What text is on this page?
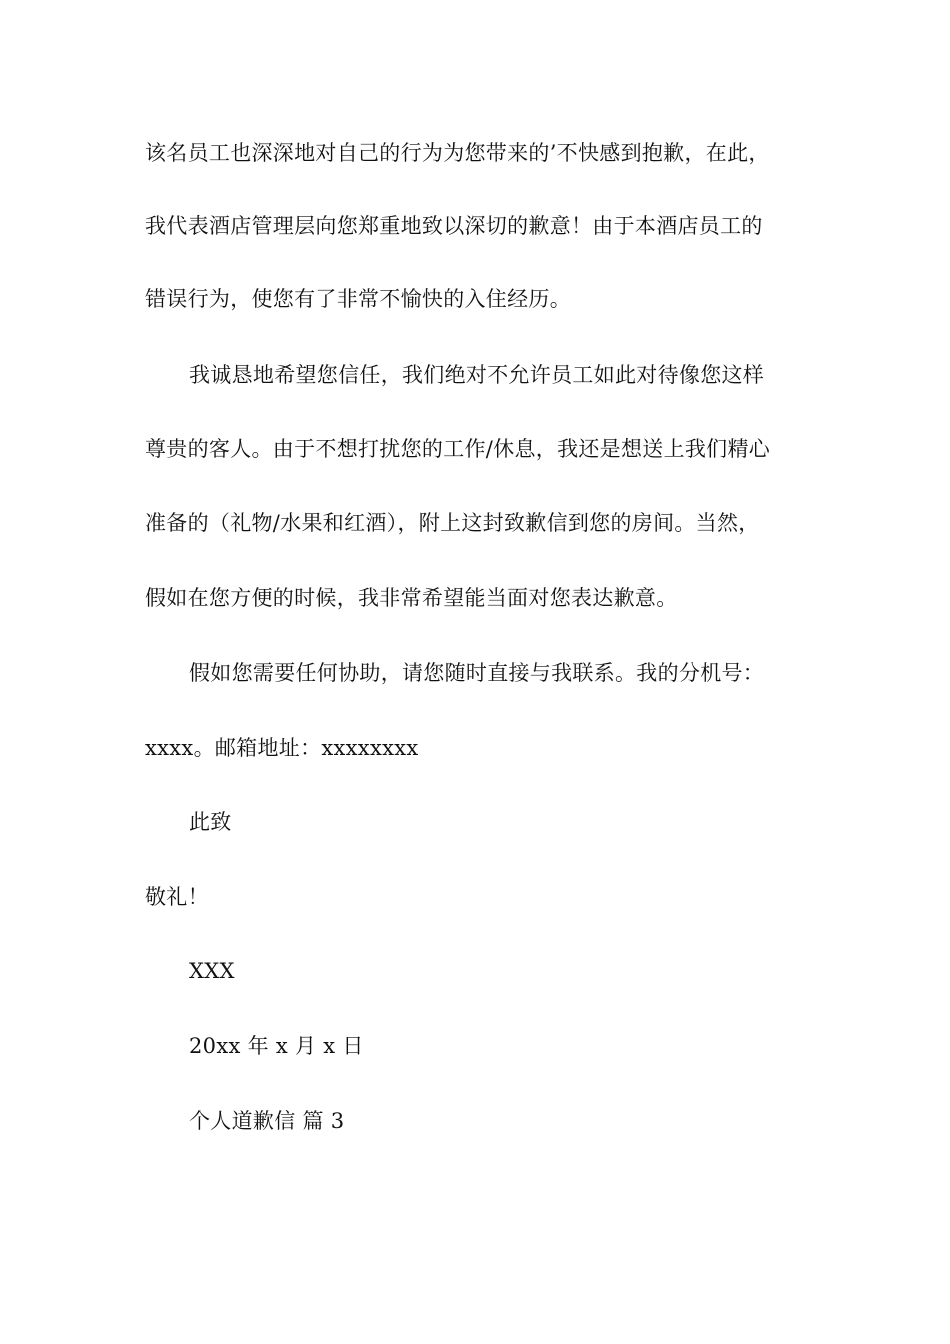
该名员工也深深地对自己的行为为您带来的’不快感到抱歉，在此，
我代表酒店管理层向您郑重地致以深切的歉意！由于本酒店员工的
错误行为，使您有了非常不愉快的入住经历。
我诚恳地希望您信任，我们绝对不允许员工如此对待像您这样
尊贵的客人。由于不想打扰您的工作/休息，我还是想送上我们精心
准备的（礼物/水果和红酒），附上这封致歉信到您的房间。当然，
假如在您方便的时候，我非常希望能当面对您表达歉意。
假如您需要任何协助，请您随时直接与我联系。我的分机号：
xxxx。邮箱地址：xxxxxxxx
此致
敬礼！
XXX
20xx 年 x 月 x 日
个人道歉信 篇 3
